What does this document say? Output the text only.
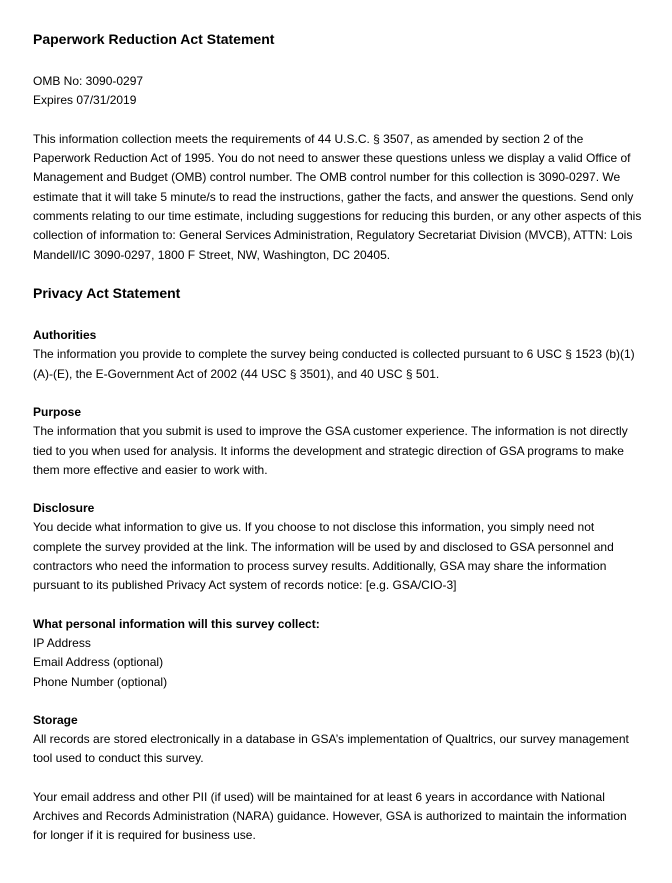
Paperwork Reduction Act Statement

OMB No: 3090-0297

Expires 07/31/2019

This information collection meets the requirements of 44 U.S.C. § 3507, as amended by section 2 of the Paperwork Reduction Act of 1995. You do not need to answer these questions unless we display a valid Office of Management and Budget (OMB) control number. The OMB control number for this collection is 3090-0297. We estimate that it will take 5 minute/s to read the instructions, gather the facts, and answer the questions. Send only comments relating to our time estimate, including suggestions for reducing this burden, or any other aspects of this collection of information to: General Services Administration, Regulatory Secretariat Division (MVCB), ATTN: Lois Mandell/IC 3090-0297, 1800 F Street, NW, Washington, DC 20405.

Privacy Act Statement

Authorities

The information you provide to complete the survey being conducted is collected pursuant to 6 USC § 1523 (b)(1)(A)-(E), the E-Government Act of 2002 (44 USC § 3501), and 40 USC § 501.

Purpose

The information that you submit is used to improve the GSA customer experience. The information is not directly tied to you when used for analysis. It informs the development and strategic direction of GSA programs to make them more effective and easier to work with.

Disclosure

You decide what information to give us. If you choose to not disclose this information, you simply need not complete the survey provided at the link. The information will be used by and disclosed to GSA personnel and contractors who need the information to process survey results. Additionally, GSA may share the information pursuant to its published Privacy Act system of records notice: [e.g. GSA/CIO-3]

What personal information will this survey collect:

IP Address

Email Address (optional)

Phone Number (optional)

Storage

All records are stored electronically in a database in GSA’s implementation of Qualtrics, our survey management tool used to conduct this survey.

Your email address and other PII (if used) will be maintained for at least 6 years in accordance with National Archives and Records Administration (NARA) guidance. However, GSA is authorized to maintain the information for longer if it is required for business use.
